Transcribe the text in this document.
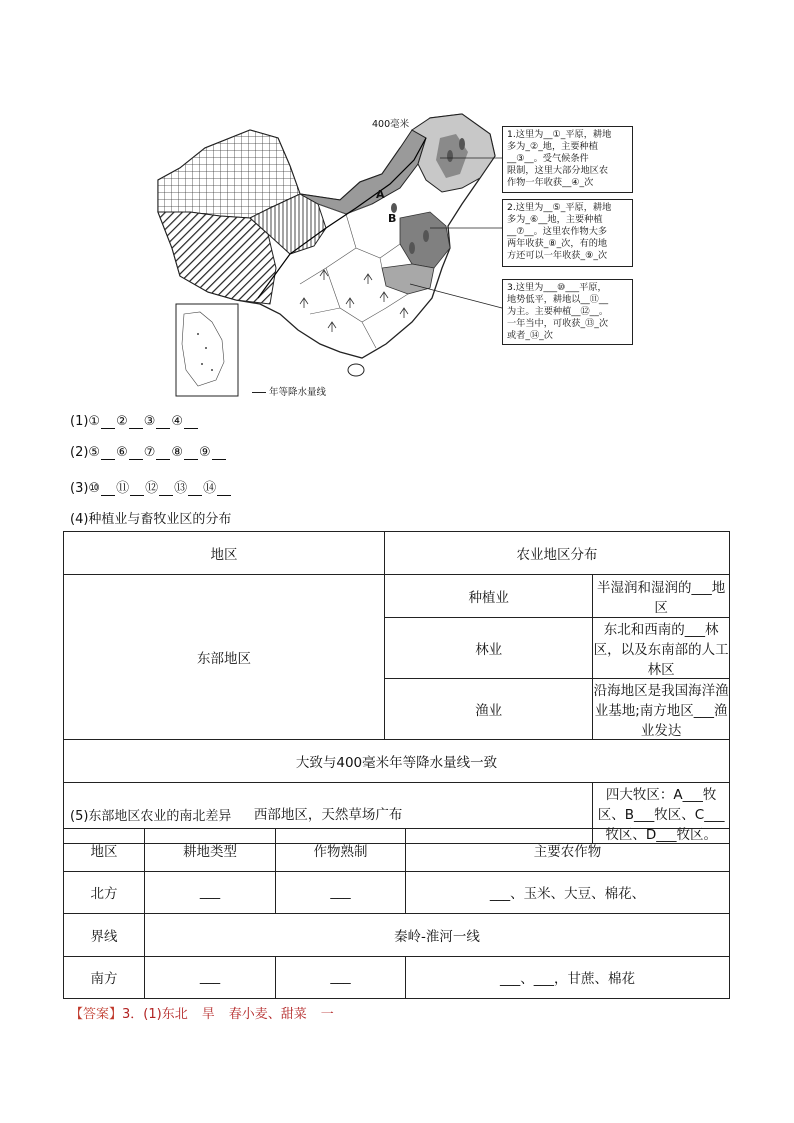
400毫米
A
B
年等降水量线

1.这里为__①_平原，耕地

多为_②_地，主要种植

__③__。受气候条件

限制，这里大部分地区农

作物一年收获__④_次

2.这里为__⑤_平原，耕地

多为_⑥__地，主要种植

__⑦__。这里农作物大多

两年收获_⑧_次，有的地

方还可以一年收获_⑨_次

3.这里为___⑩___平原，

地势低平，耕地以__⑪__

为主。主要种植__⑫__。

一年当中，可收获_⑬_次

或者_⑭_次

(1)① ② ③ ④
(2)⑤ ⑥ ⑦ ⑧ ⑨
(3)⑩ ⑪ ⑫ ⑬ ⑭
(4)种植业与畜牧业区的分布
地区	农业地区分布	
东部地区	种植业	半湿润和湿润的___地区
	林业	东北和西南的___林区，以及东南部的人工林区
	渔业	沿海地区是我国海洋渔业基地;南方地区___渔业发达
大致与400毫米年等降水量线一致		
西部地区，天然草场广布		四大牧区：A___牧区、B___牧区、C___牧区、D___牧区。
(5)东部地区农业的南北差异
地区	耕地类型	作物熟制	主要农作物
北方	___	___	___、玉米、大豆、棉花、
界线	秦岭-淮河一线		
南方	___	___	___、___，甘蔗、棉花
【答案】3．(1)东北 旱 春小麦、甜菜 一
